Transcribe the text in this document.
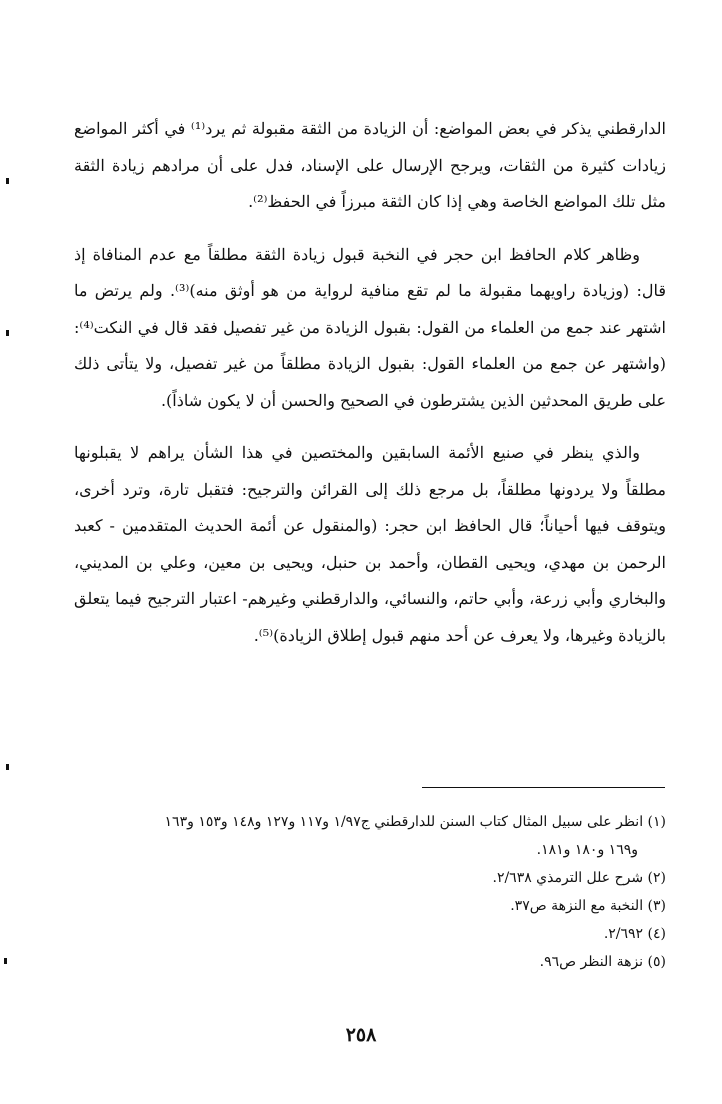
الدارقطني يذكر في بعض المواضع: أن الزيادة من الثقة مقبولة ثم يرد⁽¹⁾ في أكثر المواضع زيادات كثيرة من الثقات، ويرجح الإرسال على الإسناد، فدل على أن مرادهم زيادة الثقة مثل تلك المواضع الخاصة وهي إذا كان الثقة مبرزاً في الحفظ⁽²⁾.

وظاهر كلام الحافظ ابن حجر في النخبة قبول زيادة الثقة مطلقاً مع عدم المنافاة إذ قال: (وزيادة راويهما مقبولة ما لم تقع منافية لرواية من هو أوثق منه)⁽³⁾. ولم يرتض ما اشتهر عند جمع من العلماء من القول: بقبول الزيادة من غير تفصيل فقد قال في النكت⁽⁴⁾: (واشتهر عن جمع من العلماء القول: بقبول الزيادة مطلقاً من غير تفصيل، ولا يتأتى ذلك على طريق المحدثين الذين يشترطون في الصحيح والحسن أن لا يكون شاذاً).

والذي ينظر في صنيع الأئمة السابقين والمختصين في هذا الشأن يراهم لا يقبلونها مطلقاً ولا يردونها مطلقاً، بل مرجع ذلك إلى القرائن والترجيح: فتقبل تارة، وترد أخرى، ويتوقف فيها أحياناً؛ قال الحافظ ابن حجر: (والمنقول عن أئمة الحديث المتقدمين - كعبد الرحمن بن مهدي، ويحيى القطان، وأحمد بن حنبل، ويحيى بن معين، وعلي بن المديني، والبخاري وأبي زرعة، وأبي حاتم، والنسائي، والدارقطني وغيرهم- اعتبار الترجيح فيما يتعلق بالزيادة وغيرها، ولا يعرف عن أحد منهم قبول إطلاق الزيادة)⁽⁵⁾.

(١) انظر على سبيل المثال كتاب السنن للدارقطني ج١/٩٧ و١١٧ و١٢٧ و١٤٨ و١٥٣ و١٦٣
و١٦٩ و١٨٠ و١٨١.
(٢) شرح علل الترمذي ٢/٦٣٨.
(٣) النخبة مع النزهة ص٣٧.
(٤) ٢/٦٩٢.
(٥) نزهة النظر ص٩٦.
٢٥٨
